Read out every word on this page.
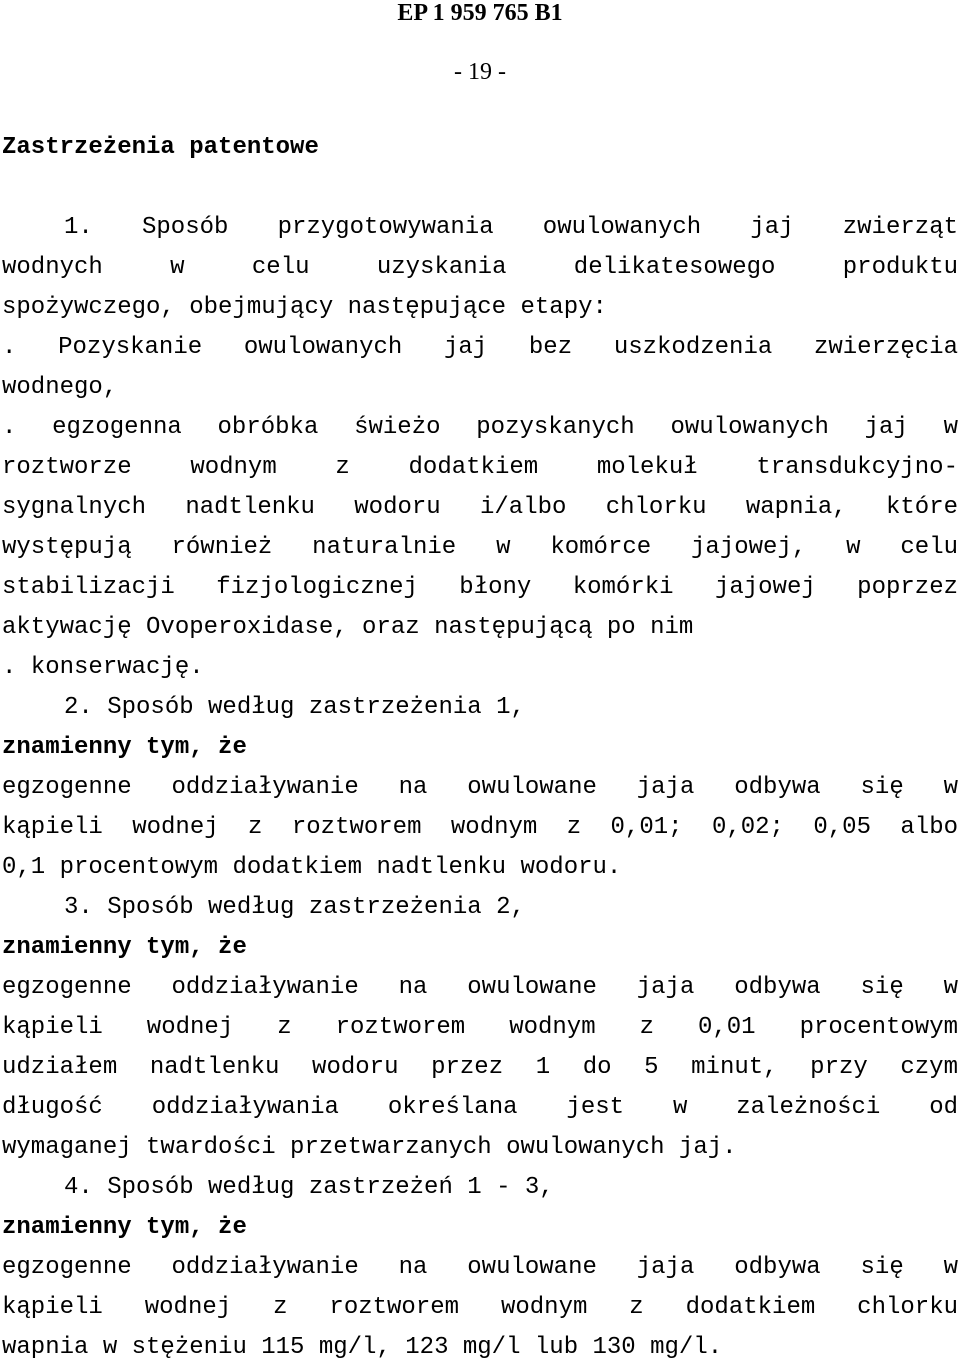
EP 1 959 765 B1
- 19 -
Zastrzeżenia patentowe
1. Sposób przygotowywania owulowanych jaj zwierząt
wodnych w celu uzyskania delikatesowego produktu
spożywczego, obejmujący następujące etapy:
. Pozyskanie owulowanych jaj bez uszkodzenia zwierzęcia
wodnego,
. egzogenna obróbka świeżo pozyskanych owulowanych jaj w
roztworze wodnym z dodatkiem molekuł transdukcyjno-
sygnalnych nadtlenku wodoru i/albo chlorku wapnia, które
występują również naturalnie w komórce jajowej, w celu
stabilizacji fizjologicznej błony komórki jajowej poprzez
aktywację Ovoperoxidase, oraz następującą po nim
. konserwację.
2. Sposób według zastrzeżenia 1,
znamienny tym, że
egzogenne oddziaływanie na owulowane jaja odbywa się w
kąpieli wodnej z roztworem wodnym z 0,01; 0,02; 0,05 albo
0,1 procentowym dodatkiem nadtlenku wodoru.
3. Sposób według zastrzeżenia 2,
znamienny tym, że
egzogenne oddziaływanie na owulowane jaja odbywa się w
kąpieli wodnej z roztworem wodnym z 0,01 procentowym
udziałem nadtlenku wodoru przez 1 do 5 minut, przy czym
długość oddziaływania określana jest w zależności od
wymaganej twardości przetwarzanych owulowanych jaj.
4. Sposób według zastrzeżeń 1 - 3,
znamienny tym, że
egzogenne oddziaływanie na owulowane jaja odbywa się w
kąpieli wodnej z roztworem wodnym z dodatkiem chlorku
wapnia w stężeniu 115 mg/l, 123 mg/l lub 130 mg/l.
